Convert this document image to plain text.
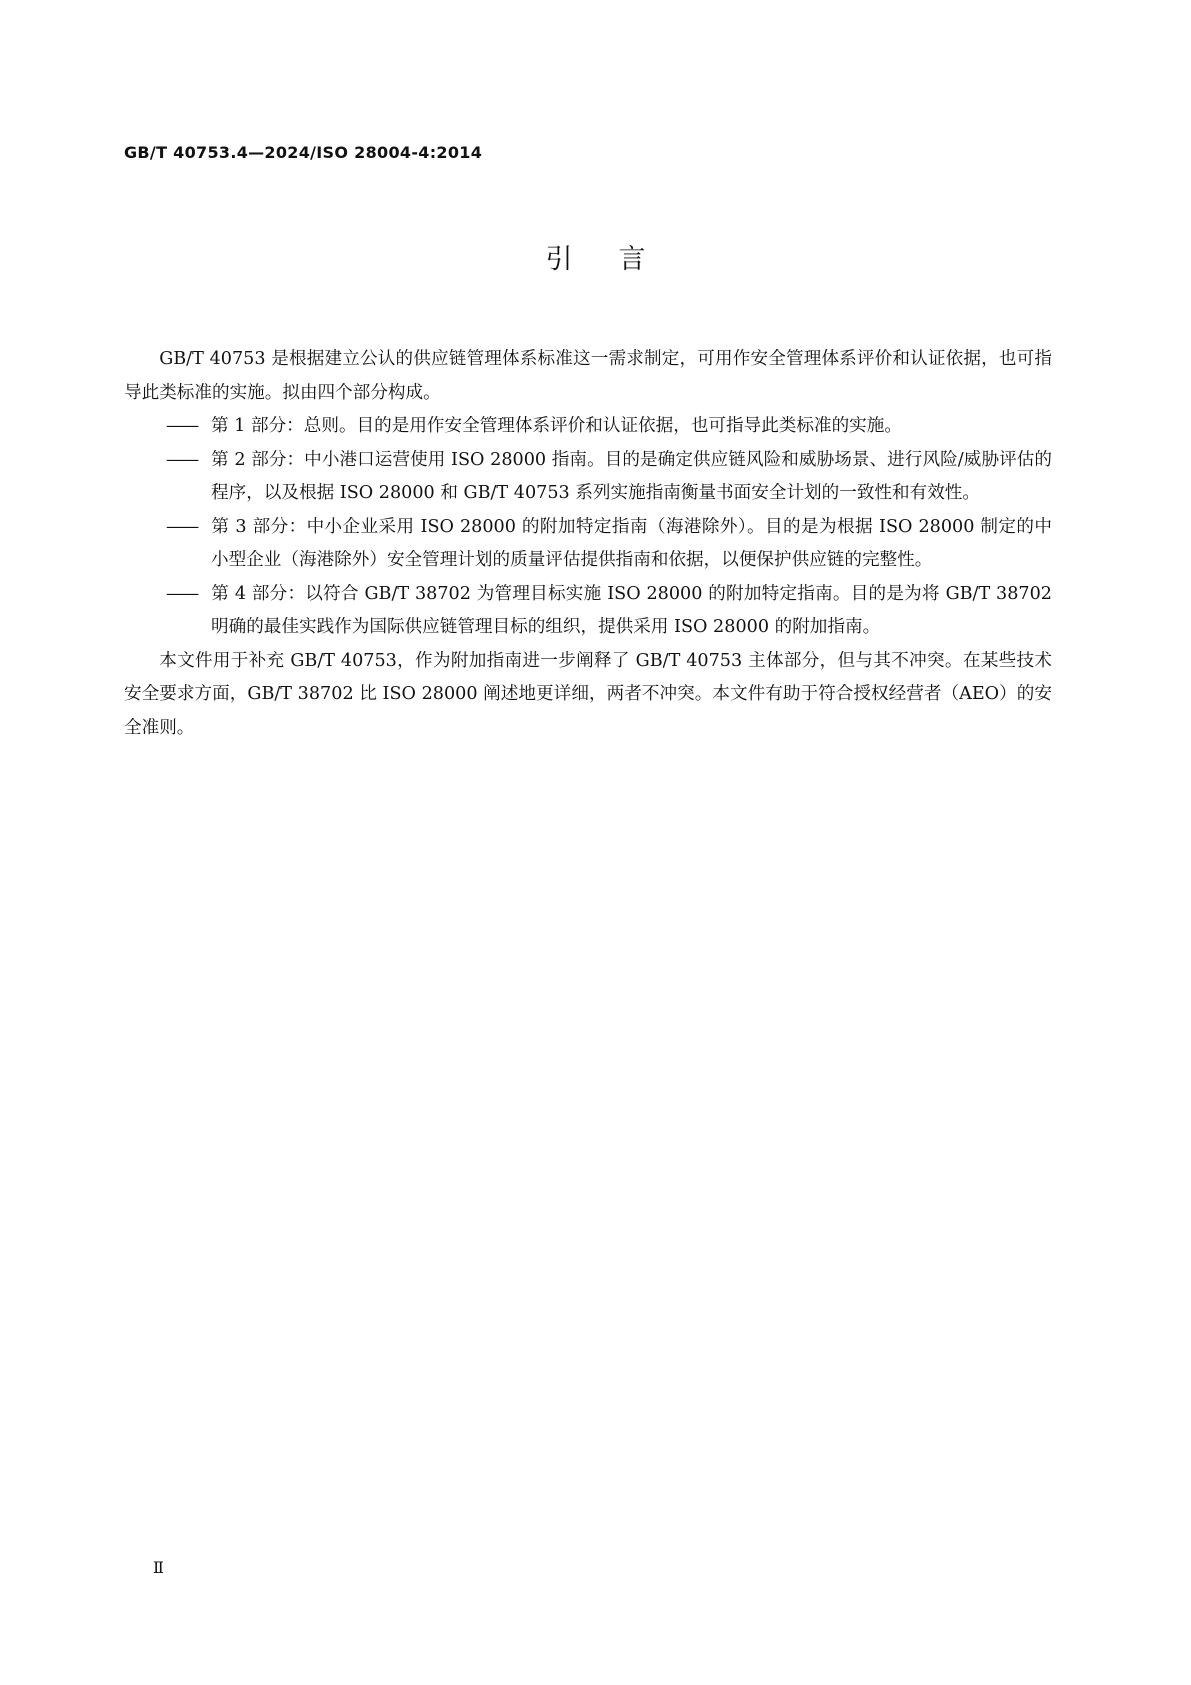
GB/T 40753.4—2024/ISO 28004-4:2014
引言

GB/T 40753 是根据建立公认的供应链管理体系标准这一需求制定，可用作安全管理体系评价和认证依据，也可指导此类标准的实施。拟由四个部分构成。

—— 第 1 部分：总则。目的是用作安全管理体系评价和认证依据，也可指导此类标准的实施。
—— 第 2 部分：中小港口运营使用 ISO 28000 指南。目的是确定供应链风险和威胁场景、进行风险/威胁评估的程序，以及根据 ISO 28000 和 GB/T 40753 系列实施指南衡量书面安全计划的一致性和有效性。
—— 第 3 部分：中小企业采用 ISO 28000 的附加特定指南（海港除外）。目的是为根据 ISO 28000 制定的中小型企业（海港除外）安全管理计划的质量评估提供指南和依据，以便保护供应链的完整性。
—— 第 4 部分：以符合 GB/T 38702 为管理目标实施 ISO 28000 的附加特定指南。目的是为将 GB/T 38702 明确的最佳实践作为国际供应链管理目标的组织，提供采用 ISO 28000 的附加指南。

本文件用于补充 GB/T 40753，作为附加指南进一步阐释了 GB/T 40753 主体部分，但与其不冲突。在某些技术安全要求方面，GB/T 38702 比 ISO 28000 阐述地更详细，两者不冲突。本文件有助于符合授权经营者（AEO）的安全准则。

Ⅱ
